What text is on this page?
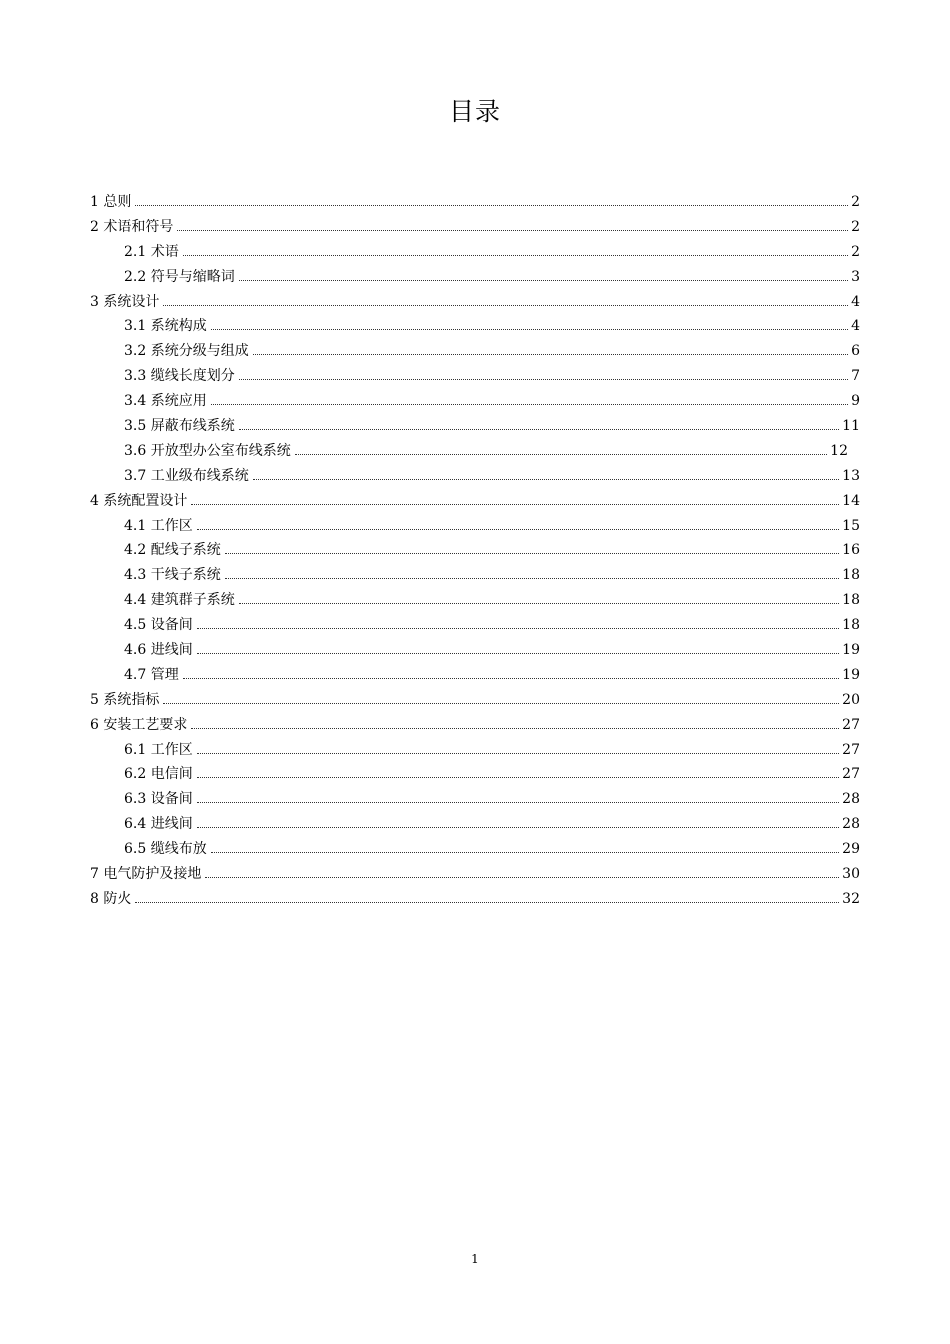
目录
1 总则	2
2 术语和符号	2
2.1 术语	2
2.2 符号与缩略词	3
3 系统设计	4
3.1 系统构成	4
3.2 系统分级与组成	6
3.3 缆线长度划分	7
3.4 系统应用	9
3.5 屏蔽布线系统	11
3.6 开放型办公室布线系统	12
3.7 工业级布线系统	13
4 系统配置设计	14
4.1 工作区	15
4.2 配线子系统	16
4.3 干线子系统	18
4.4 建筑群子系统	18
4.5 设备间	18
4.6 进线间	19
4.7 管理	19
5 系统指标	20
6 安装工艺要求	27
6.1 工作区	27
6.2 电信间	27
6.3 设备间	28
6.4 进线间	28
6.5 缆线布放	29
7 电气防护及接地	30
8 防火	32
1
